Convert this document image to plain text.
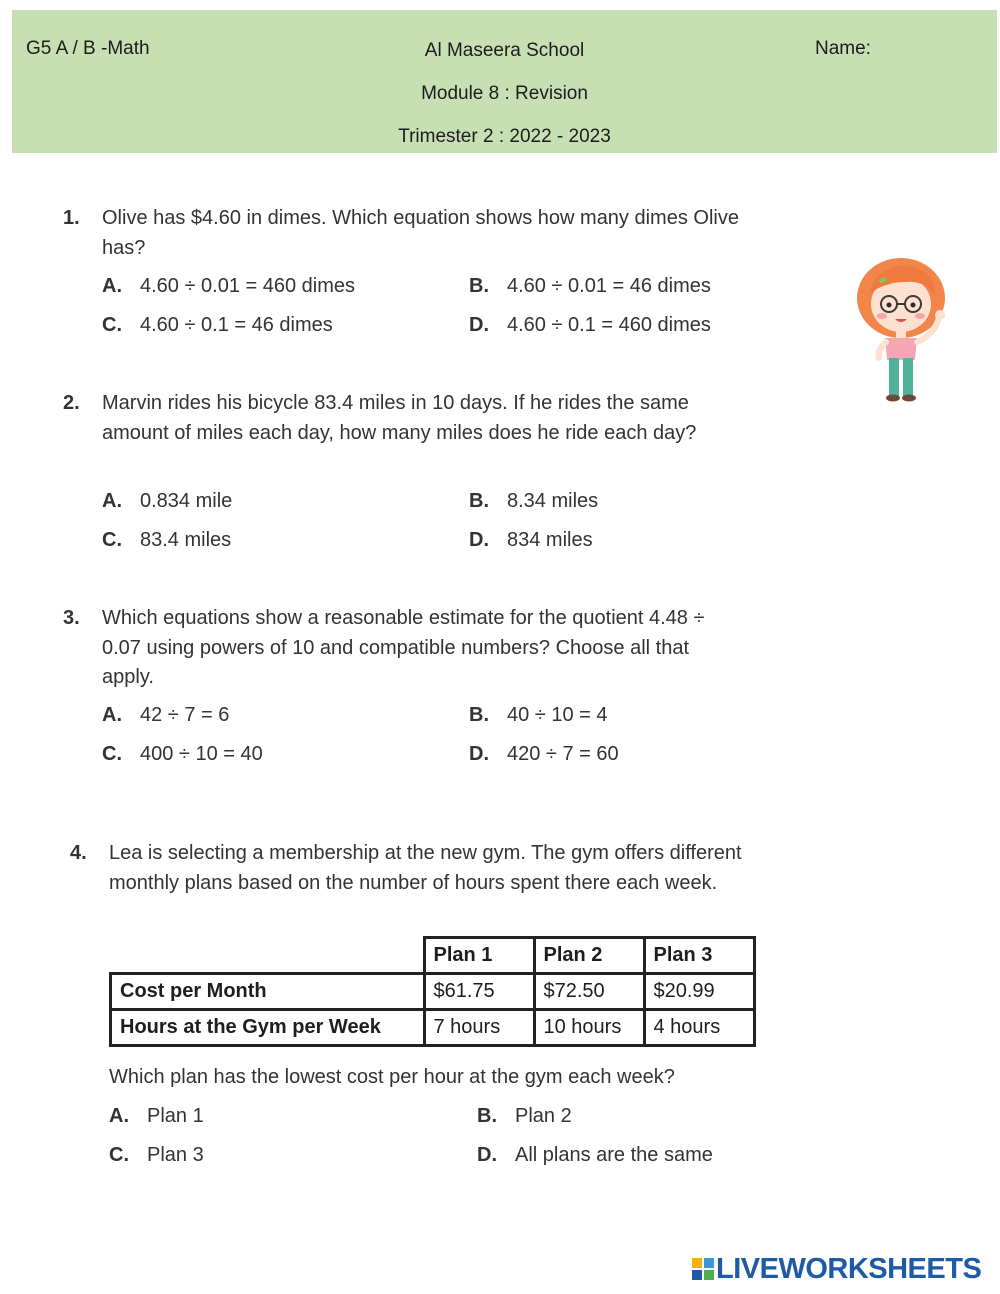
G5 A / B -Math	Al Maseera School
Module 8 : Revision
Trimester 2 : 2022 - 2023
Name:
1. Olive has $4.60 in dimes. Which equation shows how many dimes Olive has?
A. 4.60 ÷ 0.01 = 460 dimes	B. 4.60 ÷ 0.01 = 46 dimes
C. 4.60 ÷ 0.1 = 46 dimes	D. 4.60 ÷ 0.1 = 460 dimes
2. Marvin rides his bicycle 83.4 miles in 10 days. If he rides the same amount of miles each day, how many miles does he ride each day?
A. 0.834 mile	B. 8.34 miles
C. 83.4 miles	D. 834 miles
3. Which equations show a reasonable estimate for the quotient 4.48 ÷ 0.07 using powers of 10 and compatible numbers? Choose all that apply.
A. 42 ÷ 7 = 6	B. 40 ÷ 10 = 4
C. 400 ÷ 10 = 40	D. 420 ÷ 7 = 60
4. Lea is selecting a membership at the new gym. The gym offers different monthly plans based on the number of hours spent there each week.
	Plan 1	Plan 2	Plan 3
Cost per Month	$61.75	$72.50	$20.99
Hours at the Gym per Week	7 hours	10 hours	4 hours
Which plan has the lowest cost per hour at the gym each week?
A. Plan 1	B. Plan 2
C. Plan 3	D. All plans are the same
LIVEWORKSHEETS
